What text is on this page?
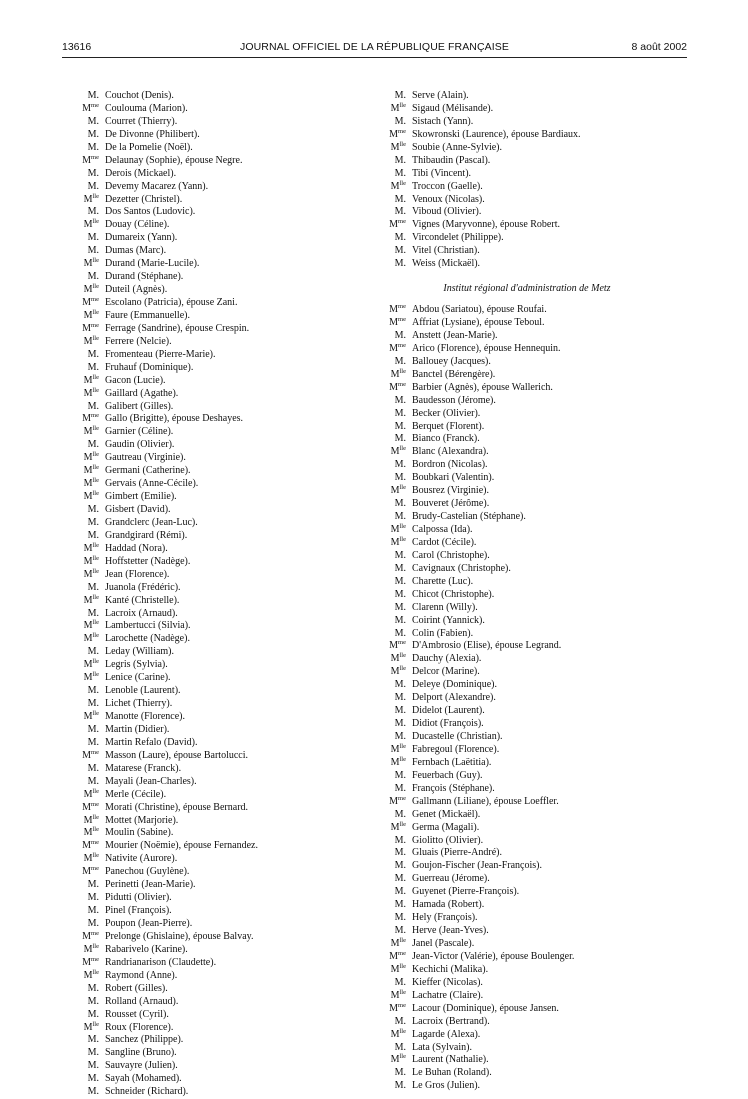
13616	JOURNAL OFFICIEL DE LA RÉPUBLIQUE FRANÇAISE	8 août 2002
M. Couchot (Denis).
$M^{me}$ Coulouma (Marion).
M. Courret (Thierry).
M. De Divonne (Philibert).
M. De la Pomelie (Noël).
$M^{me}$ Delaunay (Sophie), épouse Negre.
M. Derois (Mickael).
M. Devemy Macarez (Yann).
$M^{lle}$ Dezetter (Christel).
M. Dos Santos (Ludovic).
$M^{lle}$ Douay (Céline).
M. Dumareix (Yann).
M. Dumas (Marc).
$M^{lle}$ Durand (Marie-Lucile).
M. Durand (Stéphane).
$M^{lle}$ Duteil (Agnès).
$M^{me}$ Escolano (Patricia), épouse Zani.
$M^{lle}$ Faure (Emmanuelle).
$M^{me}$ Ferrage (Sandrine), épouse Crespin.
$M^{lle}$ Ferrere (Nelcie).
M. Fromenteau (Pierre-Marie).
M. Fruhauf (Dominique).
$M^{lle}$ Gacon (Lucie).
$M^{lle}$ Gaillard (Agathe).
M. Galibert (Gilles).
$M^{me}$ Gallo (Brigitte), épouse Deshayes.
$M^{lle}$ Garnier (Céline).
M. Gaudin (Olivier).
$M^{lle}$ Gautreau (Virginie).
$M^{lle}$ Germani (Catherine).
$M^{lle}$ Gervais (Anne-Cécile).
$M^{lle}$ Gimbert (Emilie).
M. Gisbert (David).
M. Grandclerc (Jean-Luc).
M. Grandgirard (Rémi).
$M^{lle}$ Haddad (Nora).
$M^{lle}$ Hoffstetter (Nadège).
$M^{lle}$ Jean (Florence).
M. Juanola (Frédéric).
$M^{lle}$ Kanté (Christelle).
M. Lacroix (Arnaud).
$M^{lle}$ Lambertucci (Silvia).
$M^{lle}$ Larochette (Nadège).
M. Leday (William).
$M^{lle}$ Legris (Sylvia).
$M^{lle}$ Lenice (Carine).
M. Lenoble (Laurent).
M. Lichet (Thierry).
$M^{lle}$ Manotte (Florence).
M. Martin (Didier).
M. Martin Refalo (David).
$M^{me}$ Masson (Laure), épouse Bartolucci.
M. Matarese (Franck).
M. Mayali (Jean-Charles).
$M^{lle}$ Merle (Cécile).
$M^{me}$ Morati (Christine), épouse Bernard.
$M^{lle}$ Mottet (Marjorie).
$M^{lle}$ Moulin (Sabine).
$M^{me}$ Mourier (Noëmie), épouse Fernandez.
$M^{lle}$ Nativite (Aurore).
$M^{me}$ Panechou (Guylène).
M. Perinetti (Jean-Marie).
M. Pidutti (Olivier).
M. Pinel (François).
M. Poupon (Jean-Pierre).
$M^{me}$ Prelonge (Ghislaine), épouse Balvay.
$M^{lle}$ Rabarivelo (Karine).
$M^{me}$ Randrianarison (Claudette).
$M^{lle}$ Raymond (Anne).
M. Robert (Gilles).
M. Rolland (Arnaud).
M. Rousset (Cyril).
$M^{lle}$ Roux (Florence).
M. Sanchez (Philippe).
M. Sangline (Bruno).
M. Sauvayre (Julien).
M. Sayah (Mohamed).
M. Schneider (Richard).
M. Serve (Alain).
$M^{lle}$ Sigaud (Mélisande).
M. Sistach (Yann).
$M^{me}$ Skowronski (Laurence), épouse Bardiaux.
$M^{lle}$ Soubie (Anne-Sylvie).
M. Thibaudin (Pascal).
M. Tibi (Vincent).
$M^{lle}$ Troccon (Gaelle).
M. Venoux (Nicolas).
M. Viboud (Olivier).
$M^{me}$ Vignes (Maryvonne), épouse Robert.
M. Vircondelet (Philippe).
M. Vitel (Christian).
M. Weiss (Mickaël).
Institut régional d'administration de Metz
$M^{me}$ Abdou (Sariatou), épouse Roufai.
$M^{me}$ Affriat (Lysiane), épouse Teboul.
M. Anstett (Jean-Marie).
$M^{me}$ Arico (Florence), épouse Hennequin.
M. Ballouey (Jacques).
$M^{lle}$ Banctel (Bérengère).
$M^{me}$ Barbier (Agnès), épouse Wallerich.
M. Baudesson (Jérome).
M. Becker (Olivier).
M. Berquet (Florent).
M. Bianco (Franck).
$M^{lle}$ Blanc (Alexandra).
M. Bordron (Nicolas).
M. Boubkari (Valentin).
$M^{lle}$ Bousrez (Virginie).
M. Bouveret (Jérôme).
M. Brudy-Castelian (Stéphane).
$M^{lle}$ Calpossa (Ida).
$M^{lle}$ Cardot (Cécile).
M. Carol (Christophe).
M. Cavignaux (Christophe).
M. Charette (Luc).
M. Chicot (Christophe).
M. Clarenn (Willy).
M. Coirint (Yannick).
M. Colin (Fabien).
$M^{me}$ D'Ambrosio (Elise), épouse Legrand.
$M^{lle}$ Dauchy (Alexia).
$M^{lle}$ Delcor (Marine).
M. Deleye (Dominique).
M. Delport (Alexandre).
M. Didelot (Laurent).
M. Didiot (François).
M. Ducastelle (Christian).
$M^{lle}$ Fabregoul (Florence).
$M^{lle}$ Fernbach (Laëtitia).
M. Feuerbach (Guy).
M. François (Stéphane).
$M^{me}$ Gallmann (Liliane), épouse Loeffler.
M. Genet (Mickaël).
$M^{lle}$ Germa (Magali).
M. Giolitto (Olivier).
M. Gluais (Pierre-André).
M. Goujon-Fischer (Jean-François).
M. Guerreau (Jérome).
M. Guyenet (Pierre-François).
M. Hamada (Robert).
M. Hely (François).
M. Herve (Jean-Yves).
$M^{lle}$ Janel (Pascale).
$M^{me}$ Jean-Victor (Valérie), épouse Boulenger.
$M^{lle}$ Kechichi (Malika).
M. Kieffer (Nicolas).
$M^{lle}$ Lachatre (Claire).
$M^{me}$ Lacour (Dominique), épouse Jansen.
M. Lacroix (Bertrand).
$M^{lle}$ Lagarde (Alexa).
M. Lata (Sylvain).
$M^{lle}$ Laurent (Nathalie).
M. Le Buhan (Roland).
M. Le Gros (Julien).
